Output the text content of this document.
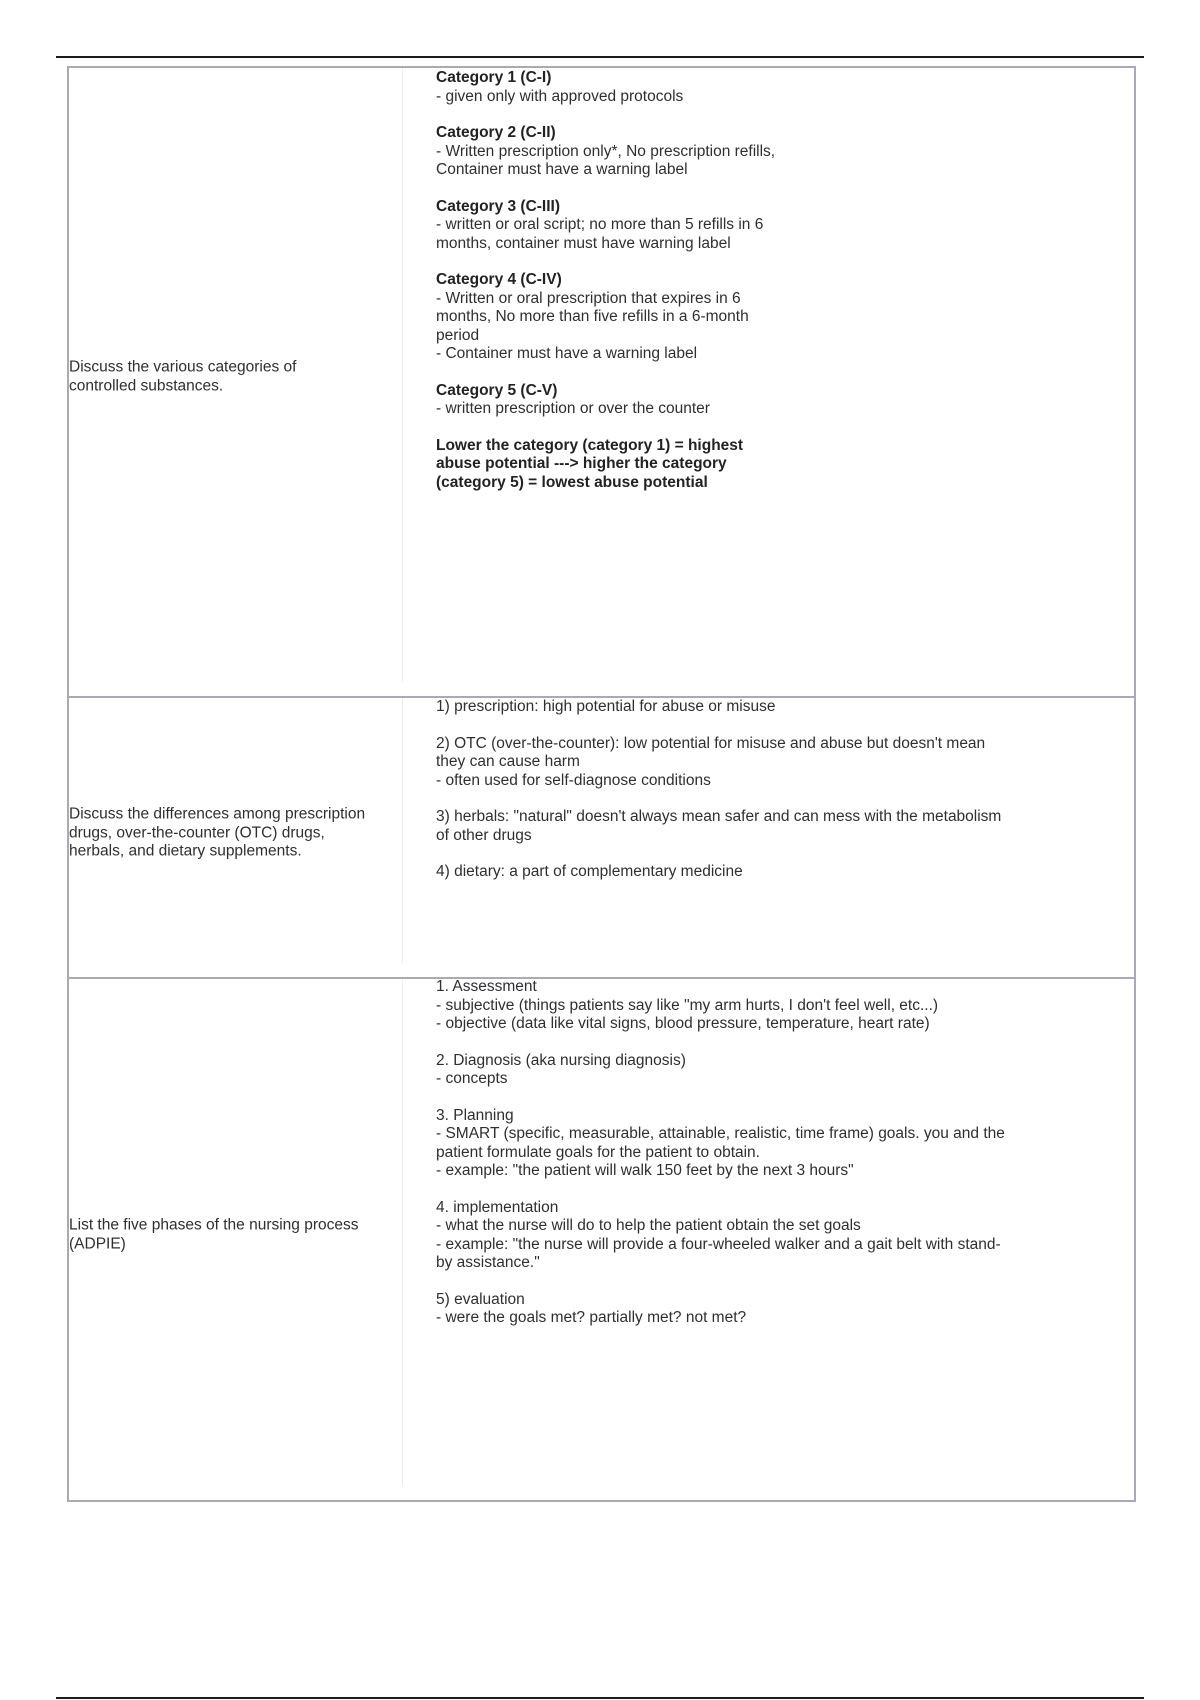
Discuss the various categories of
controlled substances.
Category 1 (C-I)
- given only with approved protocols
Category 2 (C-II)
- Written prescription only*, No prescription refills,
Container must have a warning label
Category 3 (C-III)
- written or oral script; no more than 5 refills in 6
months, container must have warning label
Category 4 (C-IV)
- Written or oral prescription that expires in 6
months, No more than five refills in a 6-month
period
- Container must have a warning label
Category 5 (C-V)
- written prescription or over the counter
Lower the category (category 1) = highest
abuse potential ---> higher the category
(category 5) = lowest abuse potential
Discuss the differences among prescription
drugs, over-the-counter (OTC) drugs,
herbals, and dietary supplements.
1) prescription: high potential for abuse or misuse
2) OTC (over-the-counter): low potential for misuse and abuse but doesn't mean
they can cause harm
- often used for self-diagnose conditions
3) herbals: "natural" doesn't always mean safer and can mess with the metabolism
of other drugs
4) dietary: a part of complementary medicine
List the five phases of the nursing process
(ADPIE)
1. Assessment
- subjective (things patients say like "my arm hurts, I don't feel well, etc...)
- objective (data like vital signs, blood pressure, temperature, heart rate)
2. Diagnosis (aka nursing diagnosis)
- concepts
3. Planning
- SMART (specific, measurable, attainable, realistic, time frame) goals. you and the
patient formulate goals for the patient to obtain.
- example: "the patient will walk 150 feet by the next 3 hours"
4. implementation
- what the nurse will do to help the patient obtain the set goals
- example: "the nurse will provide a four-wheeled walker and a gait belt with stand-
by assistance."
5) evaluation
- were the goals met? partially met? not met?
